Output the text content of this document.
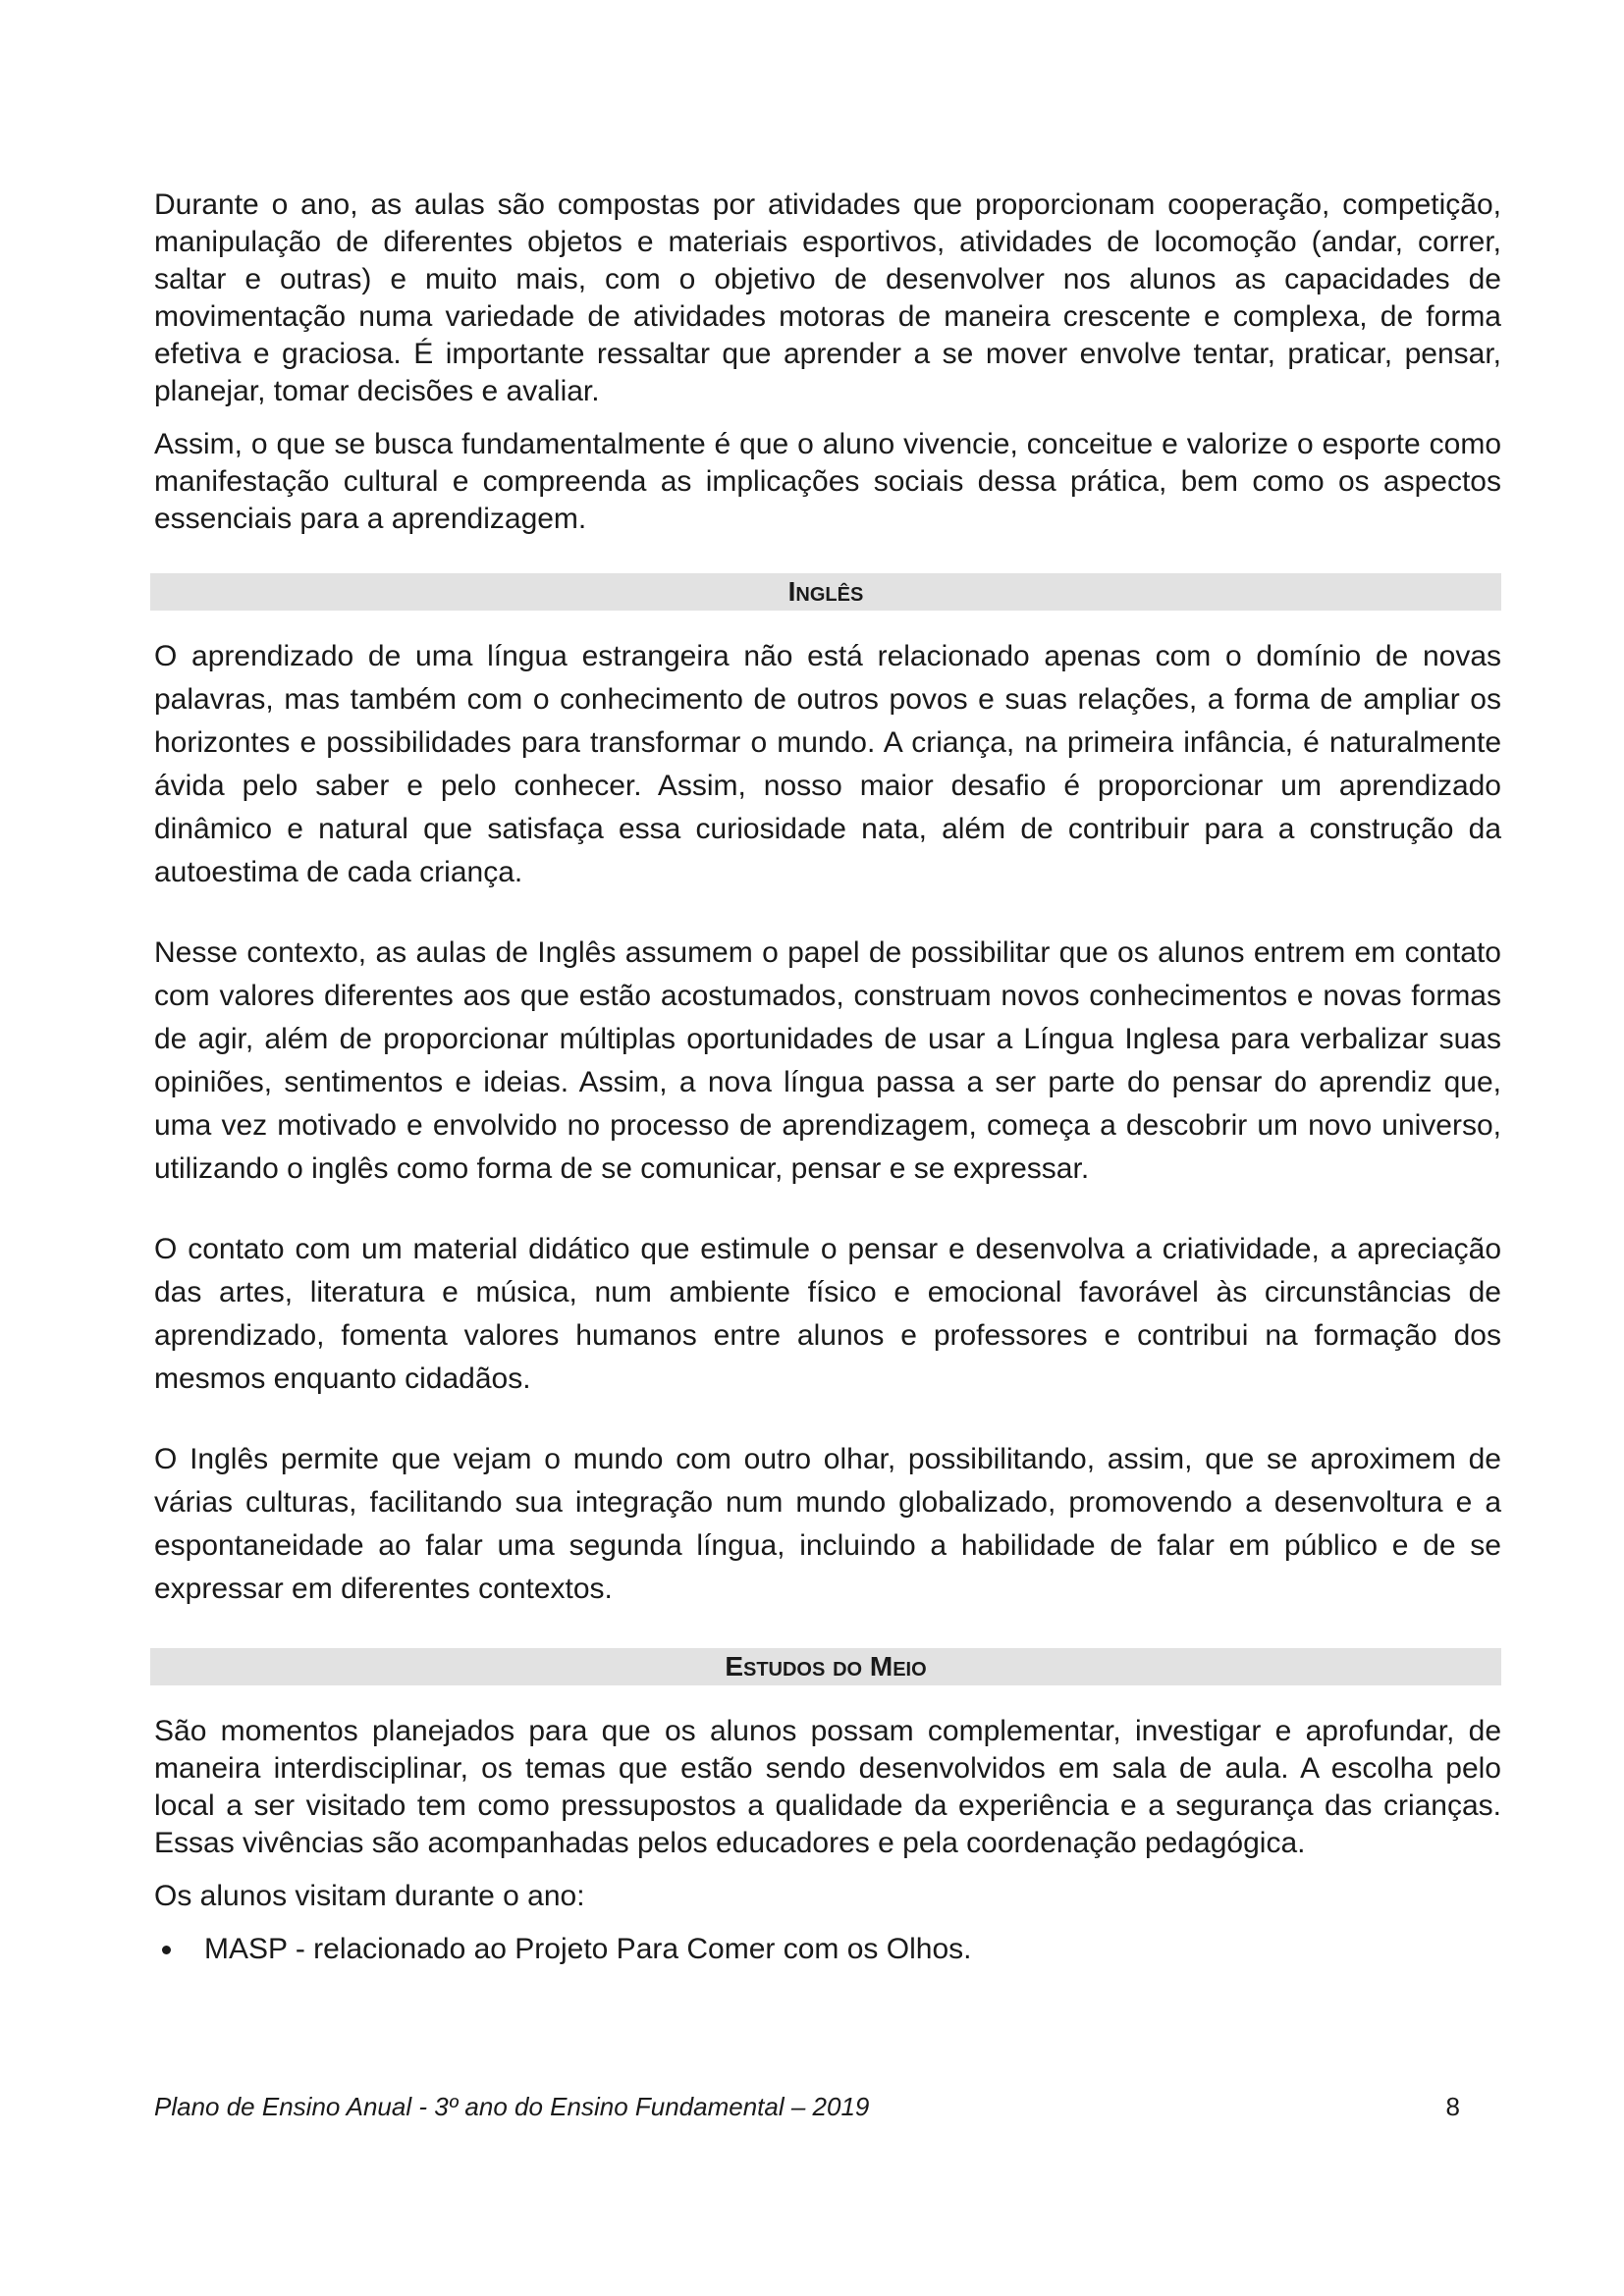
Durante o ano, as aulas são compostas por atividades que proporcionam cooperação, competição, manipulação de diferentes objetos e materiais esportivos, atividades de locomoção (andar, correr, saltar e outras) e muito mais, com o objetivo de desenvolver nos alunos as capacidades de movimentação numa variedade de atividades motoras de maneira crescente e complexa, de forma efetiva e graciosa. É importante ressaltar que aprender a se mover envolve tentar, praticar, pensar, planejar, tomar decisões e avaliar.

Assim, o que se busca fundamentalmente é que o aluno vivencie, conceitue e valorize o esporte como manifestação cultural e compreenda as implicações sociais dessa prática, bem como os aspectos essenciais para a aprendizagem.

Inglês

O aprendizado de uma língua estrangeira não está relacionado apenas com o domínio de novas palavras, mas também com o conhecimento de outros povos e suas relações, a forma de ampliar os horizontes e possibilidades para transformar o mundo. A criança, na primeira infância, é naturalmente ávida pelo saber e pelo conhecer. Assim, nosso maior desafio é proporcionar um aprendizado dinâmico e natural que satisfaça essa curiosidade nata, além de contribuir para a construção da autoestima de cada criança.

Nesse contexto, as aulas de Inglês assumem o papel de possibilitar que os alunos entrem em contato com valores diferentes aos que estão acostumados, construam novos conhecimentos e novas formas de agir, além de proporcionar múltiplas oportunidades de usar a Língua Inglesa para verbalizar suas opiniões, sentimentos e ideias. Assim, a nova língua passa a ser parte do pensar do aprendiz que, uma vez motivado e envolvido no processo de aprendizagem, começa a descobrir um novo universo, utilizando o inglês como forma de se comunicar, pensar e se expressar.

O contato com um material didático que estimule o pensar e desenvolva a criatividade, a apreciação das artes, literatura e música, num ambiente físico e emocional favorável às circunstâncias de aprendizado, fomenta valores humanos entre alunos e professores e contribui na formação dos mesmos enquanto cidadãos.

O Inglês permite que vejam o mundo com outro olhar, possibilitando, assim, que se aproximem de várias culturas, facilitando sua integração num mundo globalizado, promovendo a desenvoltura e a espontaneidade ao falar uma segunda língua, incluindo a habilidade de falar em público e de se expressar em diferentes contextos.

Estudos do Meio

São momentos planejados para que os alunos possam complementar, investigar e aprofundar, de maneira interdisciplinar, os temas que estão sendo desenvolvidos em sala de aula. A escolha pelo local a ser visitado tem como pressupostos a qualidade da experiência e a segurança das crianças. Essas vivências são acompanhadas pelos educadores e pela coordenação pedagógica.

Os alunos visitam durante o ano:

MASP - relacionado ao Projeto Para Comer com os Olhos.
Plano de Ensino Anual - 3º ano do Ensino Fundamental – 2019	8
